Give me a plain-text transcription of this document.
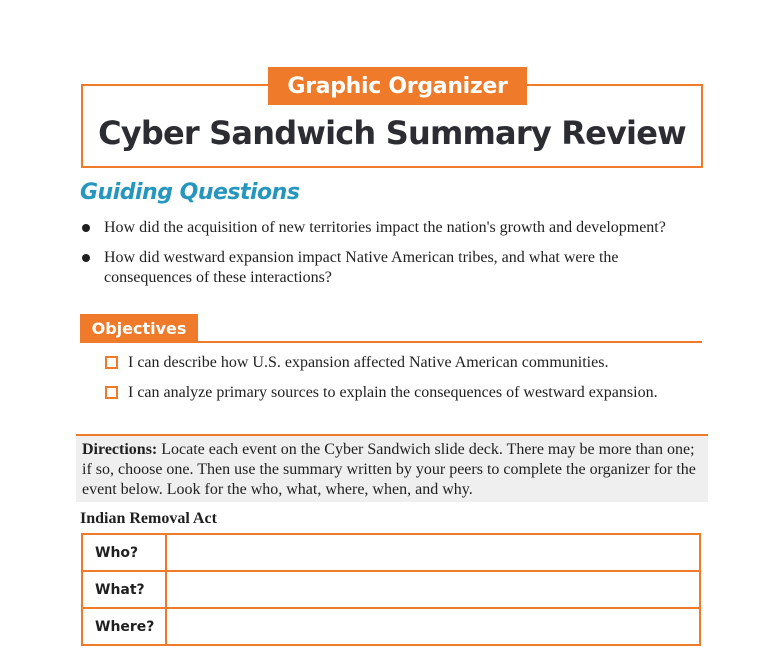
Graphic Organizer
Cyber Sandwich Summary Review
Guiding Questions
How did the acquisition of new territories impact the nation's growth and development?
How did westward expansion impact Native American tribes, and what were the consequences of these interactions?
Objectives
I can describe how U.S. expansion affected Native American communities.
I can analyze primary sources to explain the consequences of westward expansion.
Directions: Locate each event on the Cyber Sandwich slide deck. There may be more than one; if so, choose one. Then use the summary written by your peers to complete the organizer for the event below. Look for the who, what, where, when, and why.
Indian Removal Act
Who?	
What?	
Where?	
